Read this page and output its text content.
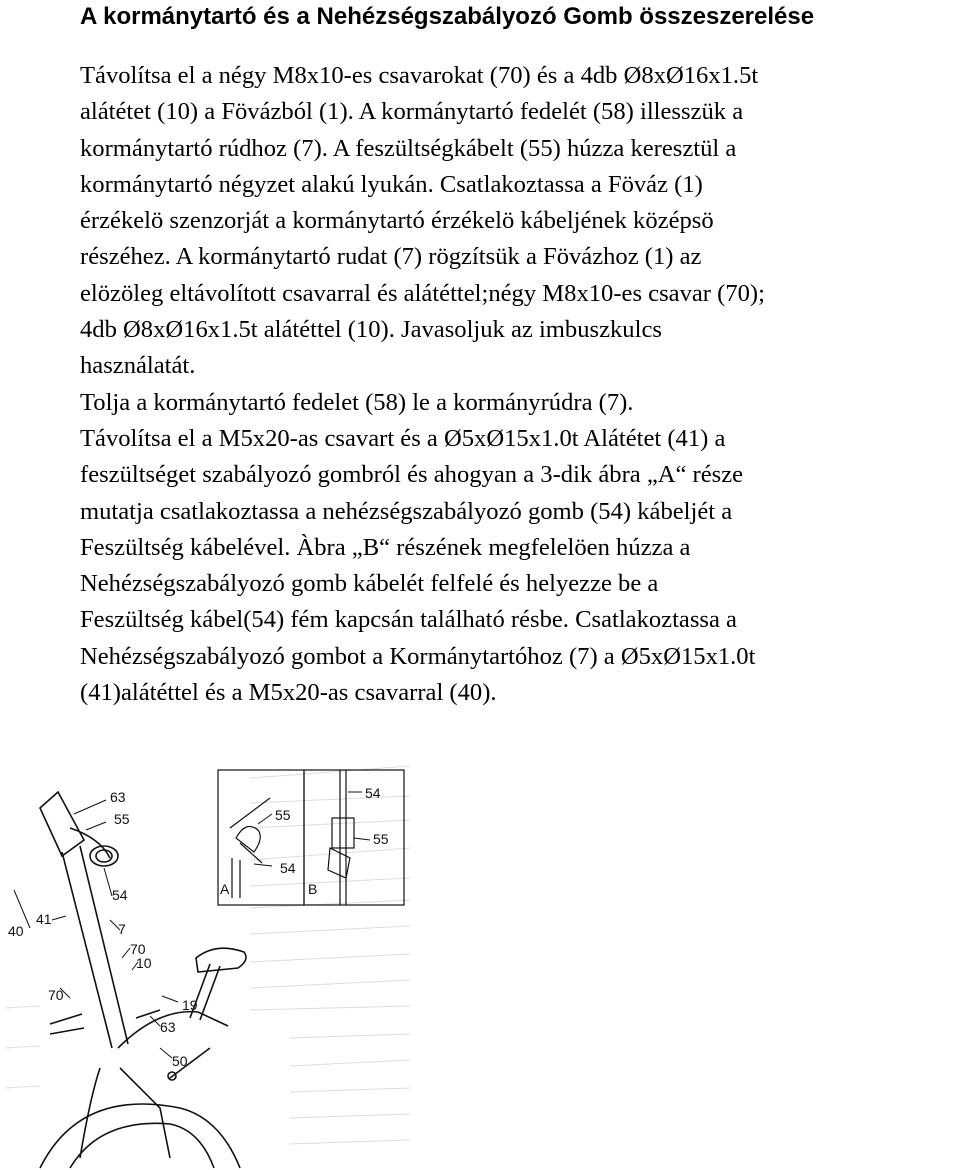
A kormánytartó és a Nehézségszabályozó Gomb összeszerelése
Távolítsa el a négy M8x10-es csavarokat (70) és a 4db Ø8xØ16x1.5t
alátétet (10) a Fövázból (1). A kormánytartó fedelét (58) illesszük a
kormánytartó rúdhoz (7). A feszültségkábelt (55) húzza keresztül a
kormánytartó négyzet alakú lyukán. Csatlakoztassa a Föváz (1)
érzékelö szenzorját a kormánytartó érzékelö kábeljének középsö
részéhez. A kormánytartó rudat (7) rögzítsük a Fövázhoz (1) az
elözöleg eltávolított csavarral és alátéttel;négy M8x10-es csavar (70);
4db Ø8xØ16x1.5t alátéttel (10). Javasoljuk az imbuszkulcs
használatát.
Tolja a kormánytartó fedelet (58) le a kormányrúdra (7).
Távolítsa el a M5x20-as csavart és a Ø5xØ15x1.0t Alátétet (41) a
feszültséget szabályozó gombról és ahogyan a 3-dik ábra „A“ része
mutatja csatlakoztassa a nehézségszabályozó gomb (54) kábeljét a
Feszültség kábelével. Àbra „B“ részének megfelelöen húzza a
Nehézségszabályozó gomb kábelét felfelé és helyezze be a
Feszültség kábel(54) fém kapcsán található résbe. Csatlakoztassa a
Nehézségszabályozó gombot a Kormánytartóhoz (7) a Ø5xØ15x1.0t
(41)alátéttel és a M5x20-as csavarral (40).
55
54
A
54
55
B
63
55
54
41
40	7
70
10
70
19
63
50
